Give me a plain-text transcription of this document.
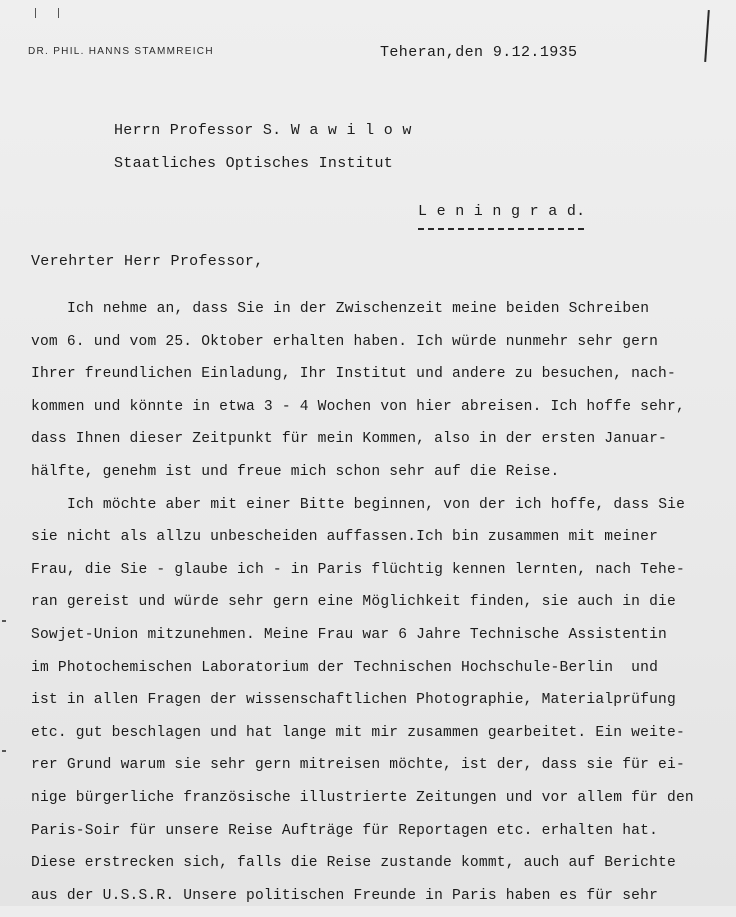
DR. PHIL. HANNS STAMMREICH	Teheran,den 9.12.1935
Herrn Professor S. W a w i l o w
Staatliches Optisches Institut
L e n i n g r a d.
Verehrter Herr Professor,
Ich nehme an, dass Sie in der Zwischenzeit meine beiden Schreiben
vom 6. und vom 25. Oktober erhalten haben. Ich würde nunmehr sehr gern
Ihrer freundlichen Einladung, Ihr Institut und andere zu besuchen, nach-
kommen und könnte in etwa 3 - 4 Wochen von hier abreisen. Ich hoffe sehr,
dass Ihnen dieser Zeitpunkt für mein Kommen, also in der ersten Januar-
hälfte, genehm ist und freue mich schon sehr auf die Reise.
Ich möchte aber mit einer Bitte beginnen, von der ich hoffe, dass Sie
sie nicht als allzu unbescheiden auffassen.Ich bin zusammen mit meiner
Frau, die Sie - glaube ich - in Paris flüchtig kennen lernten, nach Tehe-
ran gereist und würde sehr gern eine Möglichkeit finden, sie auch in die
Sowjet-Union mitzunehmen. Meine Frau war 6 Jahre Technische Assistentin
im Photochemischen Laboratorium der Technischen Hochschule-Berlin  und
ist in allen Fragen der wissenschaftlichen Photographie, Materialprüfung
etc. gut beschlagen und hat lange mit mir zusammen gearbeitet. Ein weite-
rer Grund warum sie sehr gern mitreisen möchte, ist der, dass sie für ei-
nige bürgerliche französische illustrierte Zeitungen und vor allem für den
Paris-Soir für unsere Reise Aufträge für Reportagen etc. erhalten hat.
Diese erstrecken sich, falls die Reise zustande kommt, auch auf Berichte
aus der U.S.S.R. Unsere politischen Freunde in Paris haben es für sehr
